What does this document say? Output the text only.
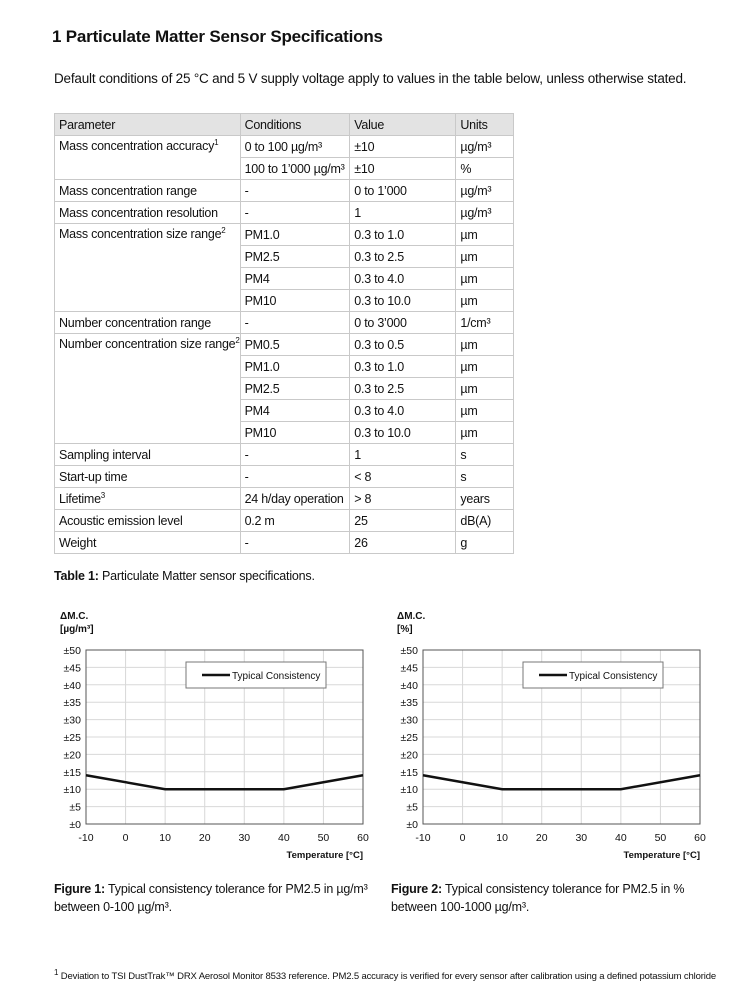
1 Particulate Matter Sensor Specifications
Default conditions of 25 °C and 5 V supply voltage apply to values in the table below, unless otherwise stated.
Parameter	Conditions	Value	Units
Mass concentration accuracy$^1$	0 to 100 µg/m³	±10	µg/m³
	100 to 1’000 µg/m³	±10	%
Mass concentration range	-	0 to 1’000	µg/m³
Mass concentration resolution	-	1	µg/m³
Mass concentration size range$^2$	PM1.0	0.3 to 1.0	µm
	PM2.5	0.3 to 2.5	µm
	PM4	0.3 to 4.0	µm
	PM10	0.3 to 10.0	µm
Number concentration range	-	0 to 3’000	1/cm³
Number concentration size range$^2$	PM0.5	0.3 to 0.5	µm
	PM1.0	0.3 to 1.0	µm
	PM2.5	0.3 to 2.5	µm
	PM4	0.3 to 4.0	µm
	PM10	0.3 to 10.0	µm
Sampling interval	-	1	s
Start-up time	-	< 8	s
Lifetime$^3$	24 h/day operation	> 8	years
Acoustic emission level	0.2 m	25	dB(A)
Weight	-	26	g
Table 1: Particulate Matter sensor specifications.
ΔM.C.
[µg/m³]
±50
±45
±40
±35
±30
±25
±20
±15
±10
±5
±0
-10	0	10	20	30	40	50	60
Typical Consistency
Temperature [°C]
ΔM.C.
[%]
±50
±45
±40
±35
±30
±25
±20
±15
±10
±5
±0
-10	0	10	20	30	40	50	60
Typical Consistency
Temperature [°C]
Figure 1: Typical consistency tolerance for PM2.5 in µg/m³
between 0-100 µg/m³.
Figure 2: Typical consistency tolerance for PM2.5 in %
between 100-1000 µg/m³.
$^1$ Deviation to TSI DustTrak™ DRX Aerosol Monitor 8533 reference. PM2.5 accuracy is verified for every sensor after calibration using a defined potassium chloride
